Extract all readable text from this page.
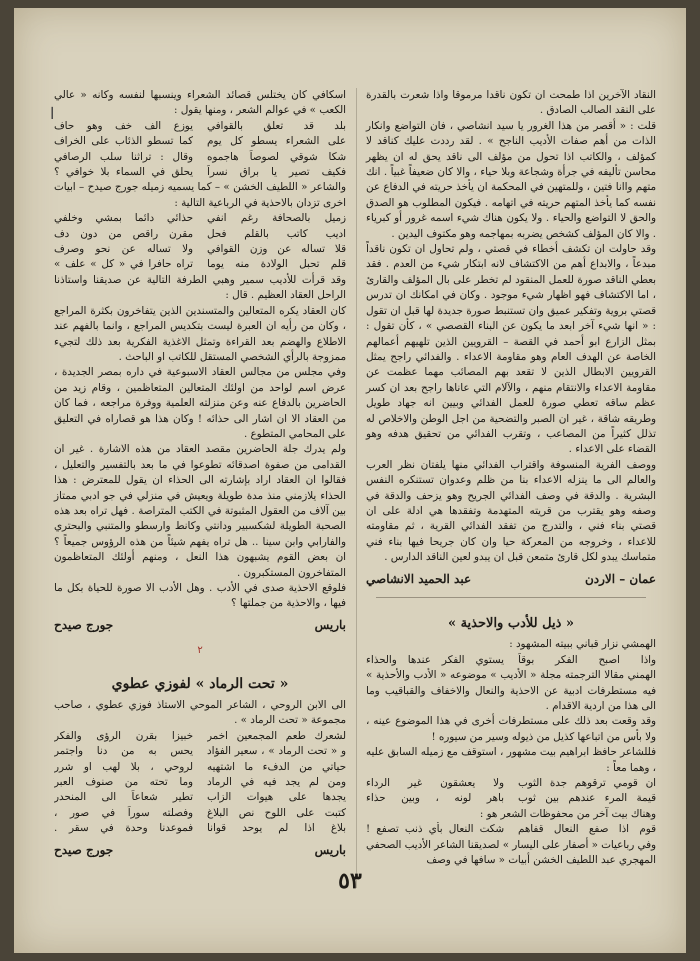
ا

النقاد الآخرين اذا طمحت ان تكون ناقدا مرموقا واذا شعرت بالقدرة على النقد الصالب الصادق .

قلت : « أقصر من هذا الغرور يا سيد انشاصي ، فان التواضع وانكار الذات من أهم صفات الأديب الناجح » . لقد رددت عليك كناقد لا كمؤلف ، والكاتب اذا تحول من مؤلف الى ناقد يحق له ان يظهر محاسن تأليفه في جرأة وشجاعة وبلا حياء ، والا كان ضعيفاً غبياً . انك متهم واانا فتين ، وللمتهين في المحكمة ان يأخذ حريته في الدفاع عن نفسه كما يأخذ المتهم حريته في اتهامه . فيكون المطلوب هو الصدق والحق لا التواضع والحياء . ولا يكون هناك شيء اسمه غرور أو كبرياء . والا كان المؤلف كشخص يضربه بمهاجمه وهو مكتوف اليدين .

وقد حاولت ان تكشف أخطاء في قصتي ، ولم تحاول ان تكون ناقداً مبدعاً ، والابداع أهم من الاكتشاف لانه ابتكار شيء من العدم . فقد بعطي الناقد صورة للعمل المنقود لم تخطر على بال المؤلف والقارئ ، اما الاكتشاف فهو اظهار شيء موجود . وكان في امكانك ان تدرس قصتي بروية وتفكير عميق وان تستنبط صورة جديدة لها قبل ان تقول : « انها شيء آخر ابعد ما يكون عن البناء القصصي » ، كأن تقول : بمثل الزارع ابو أحمد في القصة – القرويين الذين تلهيهم أعمالهم الخاصة عن الهدف العام وهو مقاومة الاعداء . والفدائي راجح يمثل القرويين الابطال الذين لا تقعد بهم المصائب مهما عظمت عن مقاومة الاعداء والانتقام منهم ، والآلام التي عاناها راجح بعد ان كسر عظم ساقه تعطي صورة للعمل الفدائي وبيين انه جهاد طويل وطريقه شاقة ، غير ان الصبر والتضحية من اجل الوطن والاخلاص له تذلل كثيراً من المصاعب ، وتقرب الفدائي من تحقيق هدفه وهو القضاء على الاعداء .

ووصف الفرية المنسوفة واقتراب الفدائي منها يلفتان نظر العرب والعالم الى ما ينزله الاعداء بنا من ظلم وعدوان تستنكره النفس البشرية . والدقة في وصف الفدائي الجريح وهو يزحف والدقة في وصفه وهو يقترب من قريته المتهدمة وتفقدها هي ادلة على ان قصتي بناء فني ، والتدرج من تفقد الفدائي القرية ، ثم مقاومته للاعداء ، وخروجه من المعركة حيا وان كان جريحا فيها بناء فني متماسك يبدو لكل قارئ متمعن قبل ان يبدو لعين الناقد الدارس .

عمان – الاردن
عبد الحميد الانشاصي
« ذيل للأدب والاحذية »

الهمشي نزار قباني ببيته المشهود :

واذا اصبح الفكر بوقاً
يستوي الفكر عندها والحذاء

الهمني مقالا الترجمته مجلة « الأديب » موضوعه « الأدب والأحذية » فيه مستطرفات ادبية عن الاحذية والنعال والاخفاف والقباقيب وما الى هذا من اردية الاقدام .

وقد وقعت بعد ذلك على مستطرفات أخرى في هذا الموضوع عينه ، ولا بأس من اتباعها كذيل من ذيوله وسير من سيوره !

فللشاعر حافظ ابراهيم بيت مشهور ، استوقف مع زميله السابق عليه ، وهما معاً :

ان قومي ترقوهم جدة الثوب
ولا يعشقون غير الرداء
قيمة المرء عندهم بين ثوب
باهر لونه ، وبين حذاء

وهناك بيت آخر من محفوظات الشعر هو :

قوم اذا صفع النعال قفاهم
شكت النعال بأي ذنب تصفع !

وفي رباعيات « أصفار على اليسار » لصديقنا الشاعر الأديب الصحفي المهجري عبد اللطيف الخشن أبيات « سافها في وصف

اسكافي كان يختلس قصائد الشعراء وينسبها لنفسه وكانه « عالي الكعب » في عوالم الشعر ، ومنها يقول :

بلد قد تعلق بالقوافي
يوزع الف خف وهو حاف
على الشعراء يسطو كل يوم
كما تسطو الذئاب على الخراف
شكا شوقي لصوصاً هاجموه
وقال : تراثنا سلب الرصافي
فكيف تصير يا براق نسراً
يحلق في السماء بلا خوافي ؟

والشاعر « اللطيف الخشن » – كما يسميه زميله جورج صيدح – ابيات اخرى تزدان بالاحذية في الرباعية التالية :

زميل بالصحافة رغم انفي
حذائي دائما بمشي وخلفي
اديب كاتب بالقلم فحل
مقرن راقص من دون دف
قلا تساله عن وزن القوافي
ولا تساله عن نحو وصرف
قلم تحبل الولادة منه يوما
تراه حافرا في « كل » علف »

وقد قرأت للأديب سمير وهبي الطرفة التالية عن صديقنا واستاذنا الراحل العقاد العظيم . قال :

كان العقاد يكره المتعالين والمتسندين الذين يتفاخرون بكثرة المراجع ، وكان من رأيه ان العبرة ليست بتكديس المراجع ، وانما بالفهم عند الاطلاع والهضم بعد القراءة وتمثل الاغذية الفكرية بعد ذلك لتجيء ممزوجة بالرأي الشخصي المستقل للكاتب او الباحث .

وفي مجلس من مجالس العقاد الاسبوعية في داره بمصر الجديدة ، عرض اسم لواحد من اولئك المتعالين المتعاظمين ، وقام زيد من الحاضرين بالدفاع عنه وعن منزلته العلمية ووفرة مراجعه ، فما كان من العقاد الا ان اشار الى حذائه ! وكان هذا هو قصاراه في التعليق على المحامي المتطوع .

ولم يدرك جلة الحاضرين مقصد العقاد من هذه الاشارة . غير ان القدامى من صفوة اصدقائه تطوعوا في ما بعد بالتفسير والتعليل ، فقالوا ان العقاد اراد بإشارته الى الحذاء ان يقول للمعترض : هذا الحذاء يلازمني منذ مدة طويلة ويعيش في منزلي في جو ادبي ممتاز بين آلاف من العقول المثبوتة في الكتب المتراصة . فهل تراه بعد هذه الصحبة الطويلة لشكسبير ودانتي وكانط وارسطو والمتنبي والبحتري والفارابي وابن سينا .. هل تراه يفهم شيئاً من هذه الرؤوس جميعاً ؟ ان بعض القوم يشبهون هذا النعل ، ومنهم أولئك المتعاظمون المتفاخرون المستكبرون .

فلوقع الاحذية صدى في الأدب . وهل الأدب الا صورة للحياة بكل ما فيها ، والاحذية من جملتها ؟

باريس
جورج صيدح
٢
« تحت الرماد » لفوزي عطوي

الى الابن الروحي ، الشاعر الموحي الاستاذ فوزي عطوي ، صاحب مجموعة « تحت الرماد » .

لشعرك طعم المجمعين اخمر
خبيزا بقرن الرؤى والفكر
و « تحت الرماد » ، سعير الفؤاد
يحس به من دنا واجتمر
حياتي من الدفء ما اشتهيه
لروحي ، بلا لهب او شرر
ومن لم يجد فيه في الرماد
وما تحته من صنوف العبر
يجدها على هيوات الزاب
تطير شعاعاً الى المنحدر
كتبت على اللوح نص البلاغ
وفصلته سوراً في صور ،
بلاغ اذا لم يوحد قوانا
فموعدنا وحدة في سقر .
باريس
جورج صيدح
٥٣
